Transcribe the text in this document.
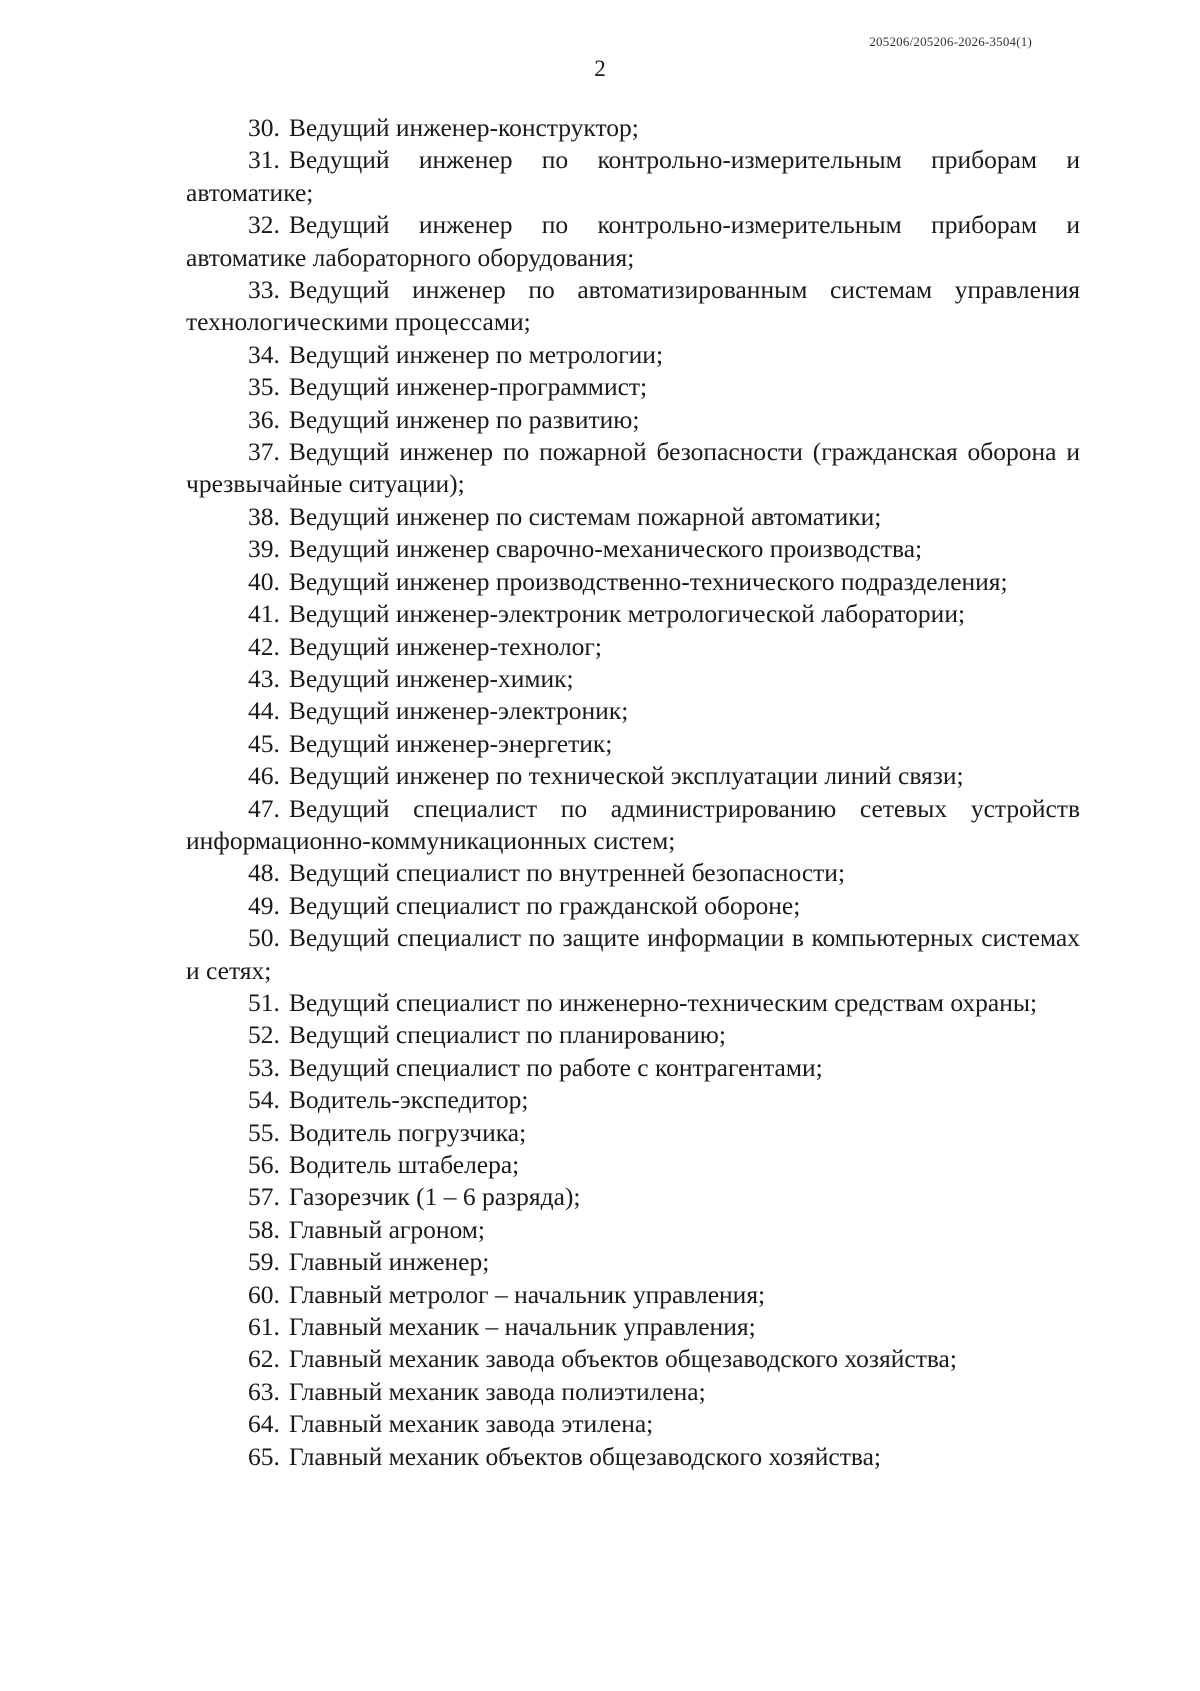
205206/205206-2026-3504(1)
2

30. Ведущий инженер-конструктор;

31. Ведущий инженер по контрольно-измерительным приборам и автоматике;

32. Ведущий инженер по контрольно-измерительным приборам и автоматике лабораторного оборудования;

33. Ведущий инженер по автоматизированным системам управления технологическими процессами;

34. Ведущий инженер по метрологии;

35. Ведущий инженер-программист;

36. Ведущий инженер по развитию;

37. Ведущий инженер по пожарной безопасности (гражданская оборона и чрезвычайные ситуации);

38. Ведущий инженер по системам пожарной автоматики;

39. Ведущий инженер сварочно-механического производства;

40. Ведущий инженер производственно-технического подразделения;

41. Ведущий инженер-электроник метрологической лаборатории;

42. Ведущий инженер-технолог;

43. Ведущий инженер-химик;

44. Ведущий инженер-электроник;

45. Ведущий инженер-энергетик;

46. Ведущий инженер по технической эксплуатации линий связи;

47. Ведущий специалист по администрированию сетевых устройств информационно-коммуникационных систем;

48. Ведущий специалист по внутренней безопасности;

49. Ведущий специалист по гражданской обороне;

50. Ведущий специалист по защите информации в компьютерных системах и сетях;

51. Ведущий специалист по инженерно-техническим средствам охраны;

52. Ведущий специалист по планированию;

53. Ведущий специалист по работе с контрагентами;

54. Водитель-экспедитор;

55. Водитель погрузчика;

56. Водитель штабелера;

57. Газорезчик (1 – 6 разряда);

58. Главный агроном;

59. Главный инженер;

60. Главный метролог – начальник управления;

61. Главный механик – начальник управления;

62. Главный механик завода объектов общезаводского хозяйства;

63. Главный механик завода полиэтилена;

64. Главный механик завода этилена;

65. Главный механик объектов общезаводского хозяйства;
